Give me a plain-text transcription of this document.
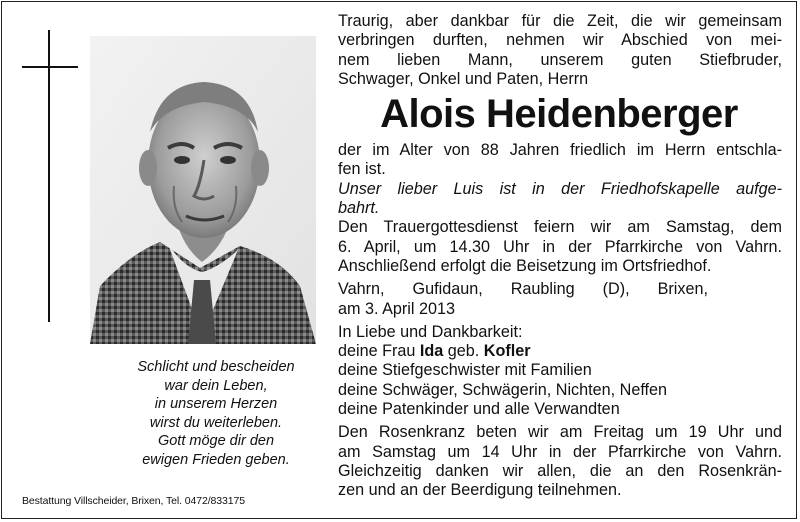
Schlicht und bescheiden
war dein Leben,
in unserem Herzen
wirst du weiterleben.
Gott möge dir den
ewigen Frieden geben.
Bestattung Villscheider, Brixen, Tel. 0472/833175
Traurig, aber dankbar für die Zeit, die wir gemeinsam
verbringen durften, nehmen wir Abschied von mei-
nem lieben Mann, unserem guten Stiefbruder,
Schwager, Onkel und Paten, Herrn
Alois Heidenberger
der im Alter von 88 Jahren friedlich im Herrn entschla-
fen ist.
Unser lieber Luis ist in der Friedhofskapelle aufge-
bahrt.
Den Trauergottesdienst feiern wir am Samstag, dem
6. April, um 14.30 Uhr in der Pfarrkirche von Vahrn.
Anschließend erfolgt die Beisetzung im Ortsfriedhof.
Vahrn, Gufidaun, Raubling (D), Brixen,
am 3. April 2013
In Liebe und Dankbarkeit:
deine Frau Ida geb. Kofler
deine Stiefgeschwister mit Familien
deine Schwäger, Schwägerin, Nichten, Neffen
deine Patenkinder und alle Verwandten
Den Rosenkranz beten wir am Freitag um 19 Uhr und
am Samstag um 14 Uhr in der Pfarrkirche von Vahrn.
Gleichzeitig danken wir allen, die an den Rosenkrän-
zen und an der Beerdigung teilnehmen.
